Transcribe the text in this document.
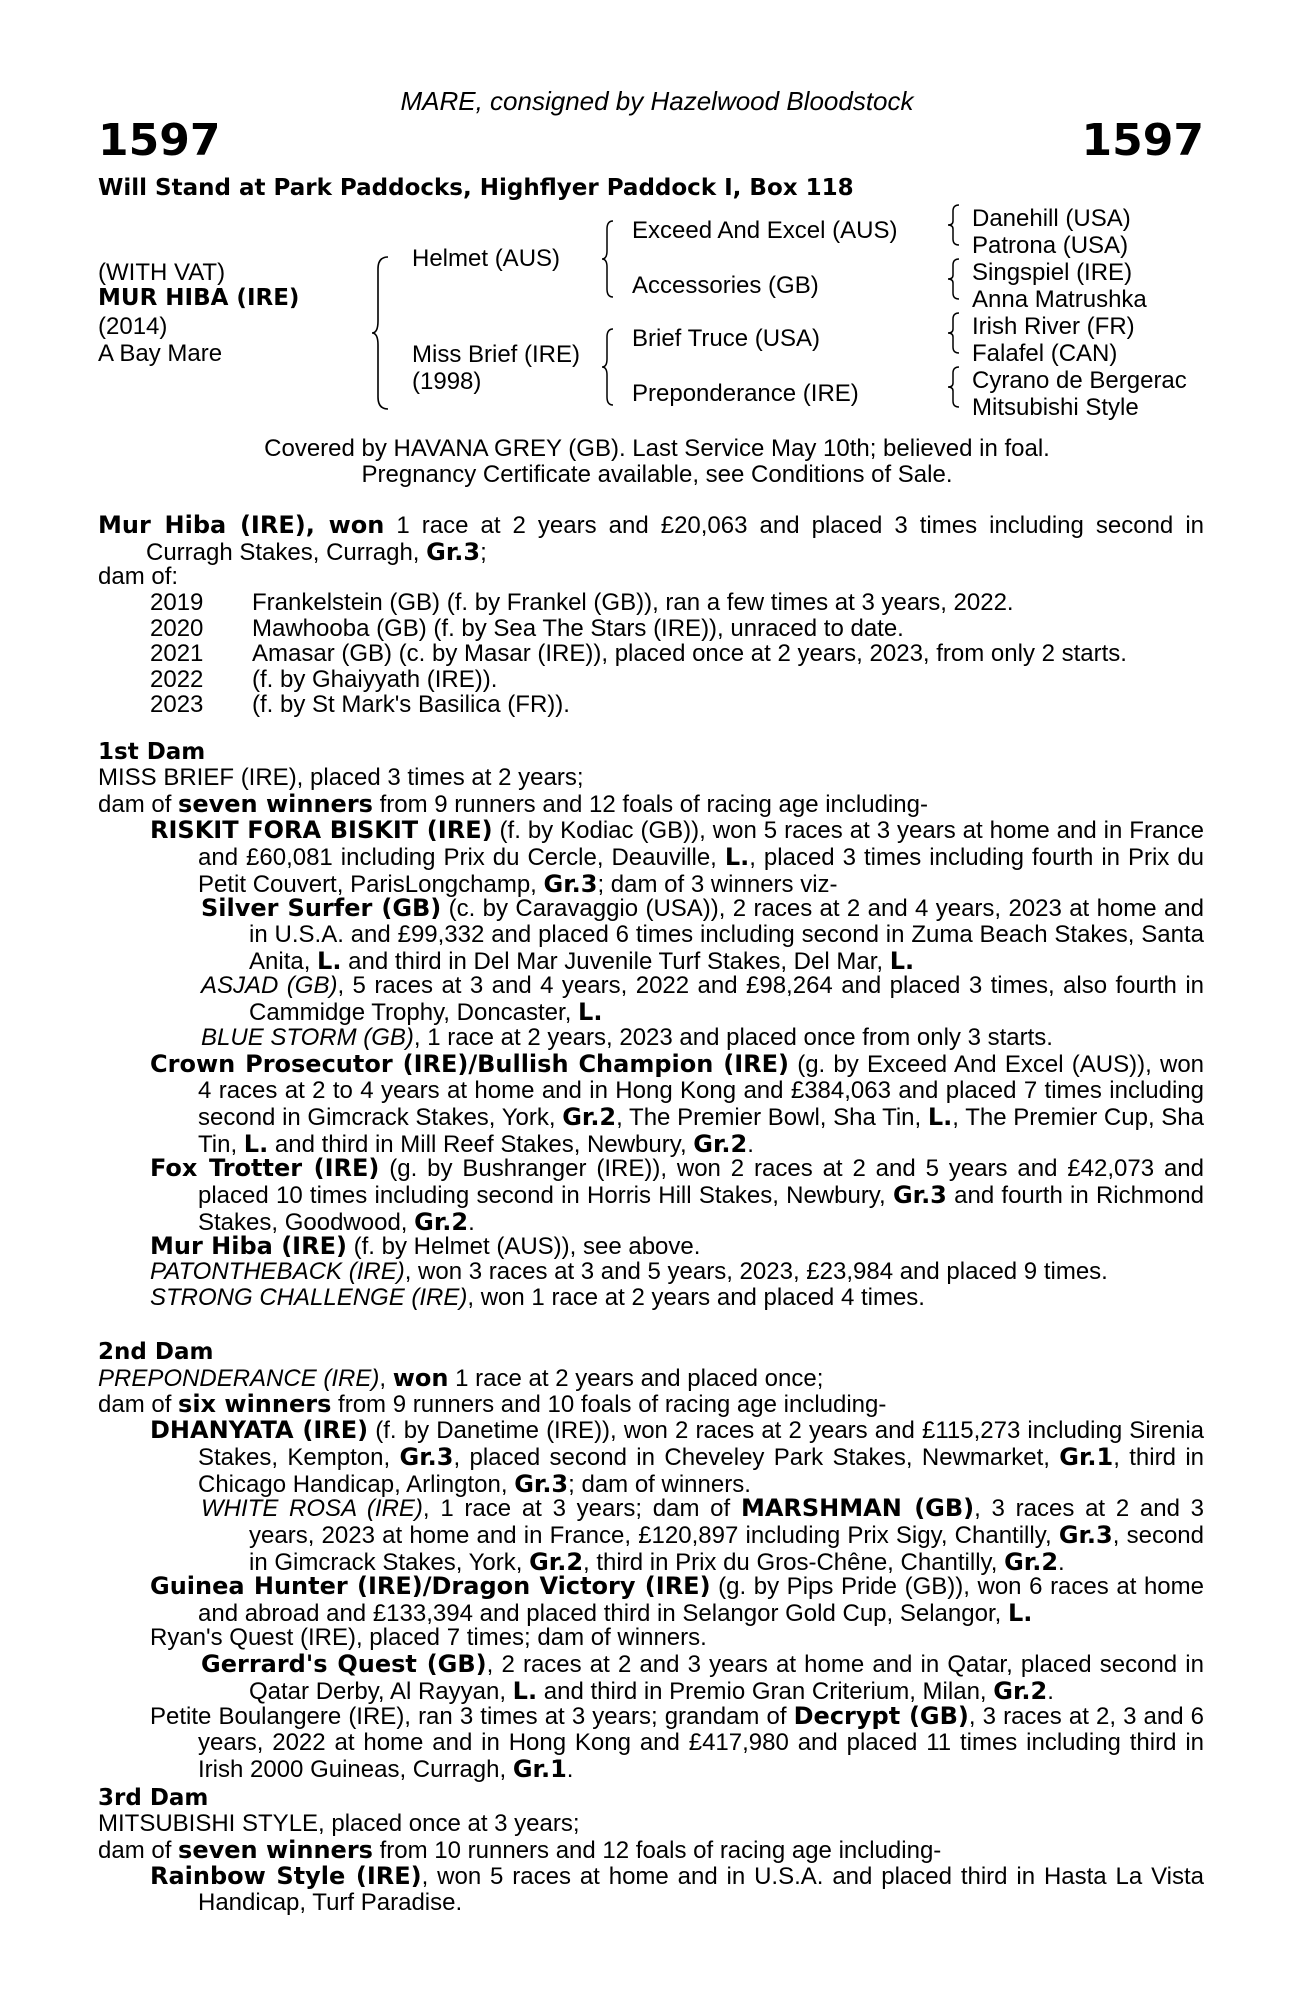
MARE, consigned by Hazelwood Bloodstock
1597	1597
Will Stand at Park Paddocks, Highflyer Paddock I, Box 118
(WITH VAT)
MUR HIBA (IRE)
(2014)
A Bay Mare
Helmet (AUS)
Miss Brief (IRE)
(1998)
Exceed And Excel (AUS)
Accessories (GB)
Brief Truce (USA)
Preponderance (IRE)
Danehill (USA)
Patrona (USA)
Singspiel (IRE)
Anna Matrushka
Irish River (FR)
Falafel (CAN)
Cyrano de Bergerac
Mitsubishi Style
Covered by HAVANA GREY (GB). Last Service May 10th; believed in foal.
Pregnancy Certificate available, see Conditions of Sale.
Mur Hiba (IRE), won 1 race at 2 years and £20,063 and placed 3 times including second in Curragh Stakes, Curragh, Gr.3;
dam of:
2019 Frankelstein (GB) (f. by Frankel (GB)), ran a few times at 3 years, 2022.
2020 Mawhooba (GB) (f. by Sea The Stars (IRE)), unraced to date.
2021 Amasar (GB) (c. by Masar (IRE)), placed once at 2 years, 2023, from only 2 starts.
2022 (f. by Ghaiyyath (IRE)).
2023 (f. by St Mark's Basilica (FR)).
1st Dam
MISS BRIEF (IRE), placed 3 times at 2 years;
dam of seven winners from 9 runners and 12 foals of racing age including-
RISKIT FORA BISKIT (IRE) (f. by Kodiac (GB)), won 5 races at 3 years at home and in France and £60,081 including Prix du Cercle, Deauville, L., placed 3 times including fourth in Prix du Petit Couvert, ParisLongchamp, Gr.3; dam of 3 winners viz-
Silver Surfer (GB) (c. by Caravaggio (USA)), 2 races at 2 and 4 years, 2023 at home and in U.S.A. and £99,332 and placed 6 times including second in Zuma Beach Stakes, Santa Anita, L. and third in Del Mar Juvenile Turf Stakes, Del Mar, L.
ASJAD (GB), 5 races at 3 and 4 years, 2022 and £98,264 and placed 3 times, also fourth in Cammidge Trophy, Doncaster, L.
BLUE STORM (GB), 1 race at 2 years, 2023 and placed once from only 3 starts.
Crown Prosecutor (IRE)/Bullish Champion (IRE) (g. by Exceed And Excel (AUS)), won 4 races at 2 to 4 years at home and in Hong Kong and £384,063 and placed 7 times including second in Gimcrack Stakes, York, Gr.2, The Premier Bowl, Sha Tin, L., The Premier Cup, Sha Tin, L. and third in Mill Reef Stakes, Newbury, Gr.2.
Fox Trotter (IRE) (g. by Bushranger (IRE)), won 2 races at 2 and 5 years and £42,073 and placed 10 times including second in Horris Hill Stakes, Newbury, Gr.3 and fourth in Richmond Stakes, Goodwood, Gr.2.
Mur Hiba (IRE) (f. by Helmet (AUS)), see above.
PATONTHEBACK (IRE), won 3 races at 3 and 5 years, 2023, £23,984 and placed 9 times.
STRONG CHALLENGE (IRE), won 1 race at 2 years and placed 4 times.
2nd Dam
PREPONDERANCE (IRE), won 1 race at 2 years and placed once;
dam of six winners from 9 runners and 10 foals of racing age including-
DHANYATA (IRE) (f. by Danetime (IRE)), won 2 races at 2 years and £115,273 including Sirenia Stakes, Kempton, Gr.3, placed second in Cheveley Park Stakes, Newmarket, Gr.1, third in Chicago Handicap, Arlington, Gr.3; dam of winners.
WHITE ROSA (IRE), 1 race at 3 years; dam of MARSHMAN (GB), 3 races at 2 and 3 years, 2023 at home and in France, £120,897 including Prix Sigy, Chantilly, Gr.3, second in Gimcrack Stakes, York, Gr.2, third in Prix du Gros-Chêne, Chantilly, Gr.2.
Guinea Hunter (IRE)/Dragon Victory (IRE) (g. by Pips Pride (GB)), won 6 races at home and abroad and £133,394 and placed third in Selangor Gold Cup, Selangor, L.
Ryan's Quest (IRE), placed 7 times; dam of winners.
Gerrard's Quest (GB), 2 races at 2 and 3 years at home and in Qatar, placed second in Qatar Derby, Al Rayyan, L. and third in Premio Gran Criterium, Milan, Gr.2.
Petite Boulangere (IRE), ran 3 times at 3 years; grandam of Decrypt (GB), 3 races at 2, 3 and 6 years, 2022 at home and in Hong Kong and £417,980 and placed 11 times including third in Irish 2000 Guineas, Curragh, Gr.1.
3rd Dam
MITSUBISHI STYLE, placed once at 3 years;
dam of seven winners from 10 runners and 12 foals of racing age including-
Rainbow Style (IRE), won 5 races at home and in U.S.A. and placed third in Hasta La Vista Handicap, Turf Paradise.
